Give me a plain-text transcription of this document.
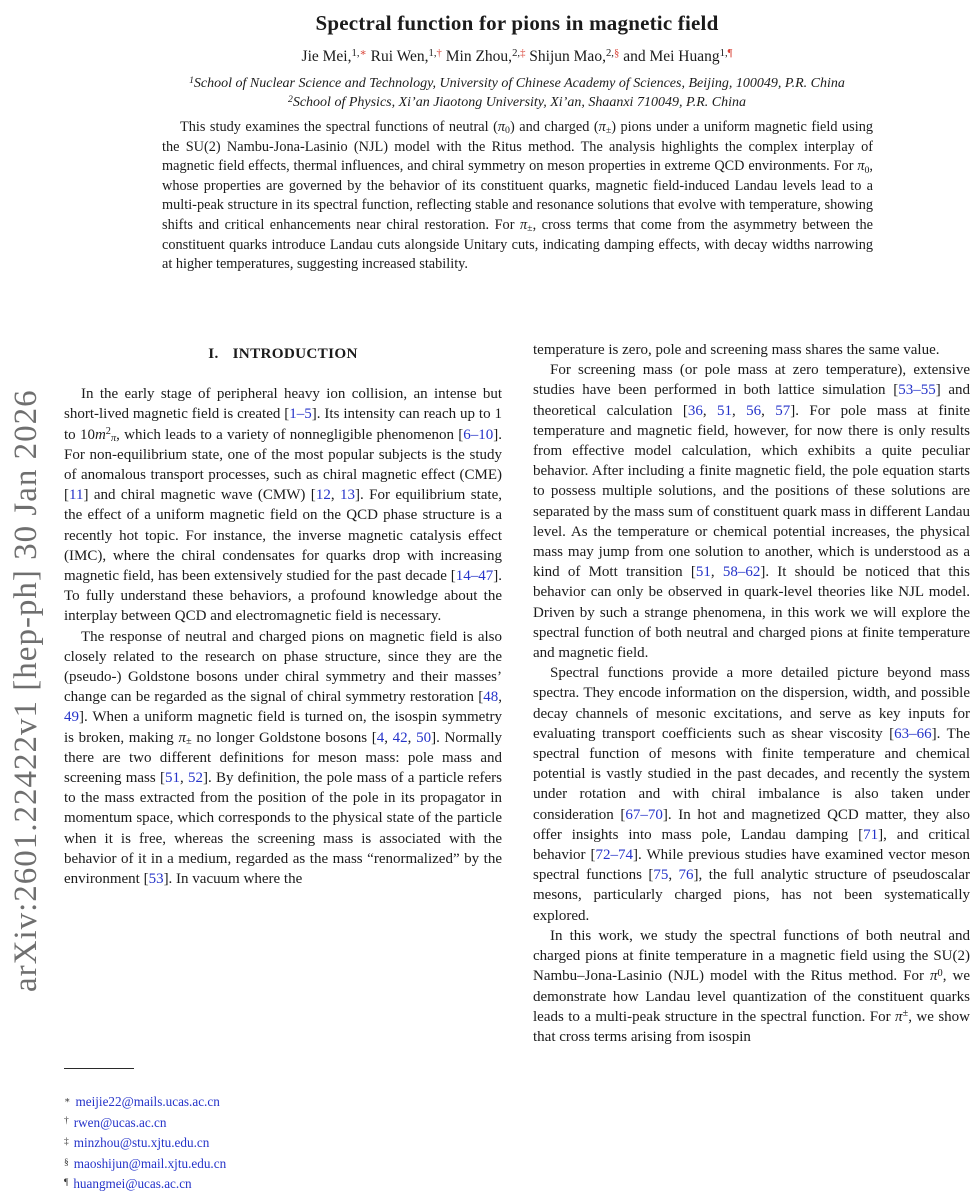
arXiv:2601.22422v1 [hep-ph] 30 Jan 2026
Spectral function for pions in magnetic field
Jie Mei,$^{1,∗}$ Rui Wen,$^{1,\dagger}$ Min Zhou,$^{2,\ddagger}$ Shijun Mao,$^{2,\S}$ and Mei Huang$^{1,\P}$
$^1$School of Nuclear Science and Technology, University of Chinese Academy of Sciences, Beijing, 100049, P.R. China
$^2$School of Physics, Xi’an Jiaotong University, Xi’an, Shaanxi 710049, P.R. China
This study examines the spectral functions of neutral (π0) and charged (π±) pions under a uniform magnetic field using the SU(2) Nambu-Jona-Lasinio (NJL) model with the Ritus method. The analysis highlights the complex interplay of magnetic field effects, thermal influences, and chiral symmetry on meson properties in extreme QCD environments. For π0, whose properties are governed by the behavior of its constituent quarks, magnetic field-induced Landau levels lead to a multi-peak structure in its spectral function, reflecting stable and resonance solutions that evolve with temperature, showing shifts and critical enhancements near chiral restoration. For π±, cross terms that come from the asymmetry between the constituent quarks introduce Landau cuts alongside Unitary cuts, indicating damping effects, with decay widths narrowing at higher temperatures, suggesting increased stability.
I. INTRODUCTION

In the early stage of peripheral heavy ion collision, an intense but short-lived magnetic field is created [1–5]. Its intensity can reach up to 1 to $10m^2\pi$, which leads to a variety of nonnegligible phenomenon [6–10]. For non-equilibrium state, one of the most popular subjects is the study of anomalous transport processes, such as chiral magnetic effect (CME) [11] and chiral magnetic wave (CMW) [12, 13]. For equilibrium state, the effect of a uniform magnetic field on the QCD phase structure is a recently hot topic. For instance, the inverse magnetic catalysis effect (IMC), where the chiral condensates for quarks drop with increasing magnetic field, has been extensively studied for the past decade [14–47]. To fully understand these behaviors, a profound knowledge about the interplay between QCD and electromagnetic field is necessary.

The response of neutral and charged pions on magnetic field is also closely related to the research on phase structure, since they are the (pseudo-) Goldstone bosons under chiral symmetry and their masses’ change can be regarded as the signal of chiral symmetry restoration [48, 49]. When a uniform magnetic field is turned on, the isospin symmetry is broken, making π± no longer Goldstone bosons [4, 42, 50]. Normally there are two different definitions for meson mass: pole mass and screening mass [51, 52]. By definition, the pole mass of a particle refers to the mass extracted from the position of the pole in its propagator in momentum space, which corresponds to the physical state of the particle when it is free, whereas the screening mass is associated with the behavior of it in a medium, regarded as the mass “renormalized” by the environment [53]. In vacuum where the

∗ meijie22@mails.ucas.ac.cn
† rwen@ucas.ac.cn
‡ minzhou@stu.xjtu.edu.cn
§ maoshijun@mail.xjtu.edu.cn
¶ huangmei@ucas.ac.cn

temperature is zero, pole and screening mass shares the same value.

For screening mass (or pole mass at zero temperature), extensive studies have been performed in both lattice simulation [53–55] and theoretical calculation [36, 51, 56, 57]. For pole mass at finite temperature and magnetic field, however, for now there is only results from effective model calculation, which exhibits a quite peculiar behavior. After including a finite magnetic field, the pole equation starts to possess multiple solutions, and the positions of these solutions are separated by the mass sum of constituent quark mass in different Landau level. As the temperature or chemical potential increases, the physical mass may jump from one solution to another, which is understood as a kind of Mott transition [51, 58–62]. It should be noticed that this behavior can only be observed in quark-level theories like NJL model. Driven by such a strange phenomena, in this work we will explore the spectral function of both neutral and charged pions at finite temperature and magnetic field.

Spectral functions provide a more detailed picture beyond mass spectra. They encode information on the dispersion, width, and possible decay channels of mesonic excitations, and serve as key inputs for evaluating transport coefficients such as shear viscosity [63–66]. The spectral function of mesons with finite temperature and chemical potential is vastly studied in the past decades, and recently the system under rotation and with chiral imbalance is also taken under consideration [67–70]. In hot and magnetized QCD matter, they also offer insights into mass pole, Landau damping [71], and critical behavior [72–74]. While previous studies have examined vector meson spectral functions [75, 76], the full analytic structure of pseudoscalar mesons, particularly charged pions, has not been systematically explored.

In this work, we study the spectral functions of both neutral and charged pions at finite temperature in a magnetic field using the SU(2) Nambu–Jona-Lasinio (NJL) model with the Ritus method. For $\pi^0$, we demonstrate how Landau level quantization of the constituent quarks leads to a multi-peak structure in the spectral function. For π±, we show that cross terms arising from isospin
